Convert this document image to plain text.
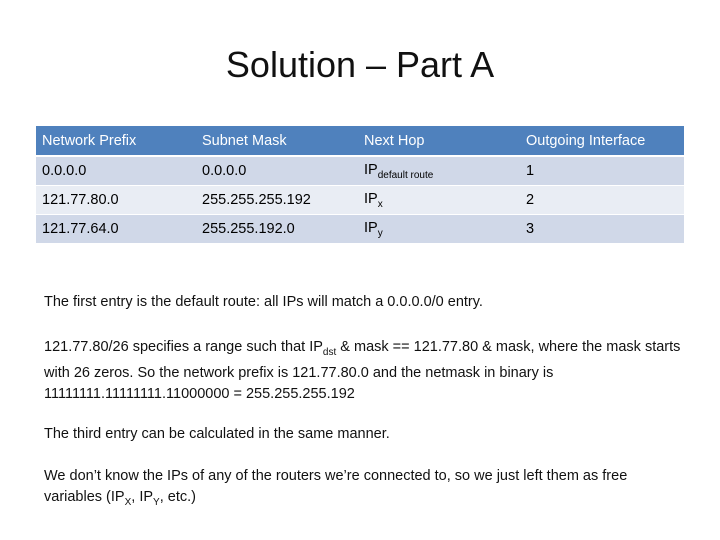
Solution – Part A
Network Prefix	Subnet Mask	Next Hop	Outgoing Interface
0.0.0.0	0.0.0.0	$IP_{default route}$	1
121.77.80.0	255.255.255.192	$IP_x$	2
121.77.64.0	255.255.192.0	$IP_y$	3

The first entry is the default route: all IPs will match a 0.0.0.0/0 entry.

121.77.80/26 specifies a range such that $IP_{dst}$ & mask == 121.77.80 & mask, where the mask starts with 26 zeros. So the network prefix is 121.77.80.0 and the netmask in binary is 11111111.11111111.11000000 = 255.255.255.192

The third entry can be calculated in the same manner.

We don’t know the IPs of any of the routers we’re connected to, so we just left them as free variables ($IP_X$, $IP_Y$, etc.)
